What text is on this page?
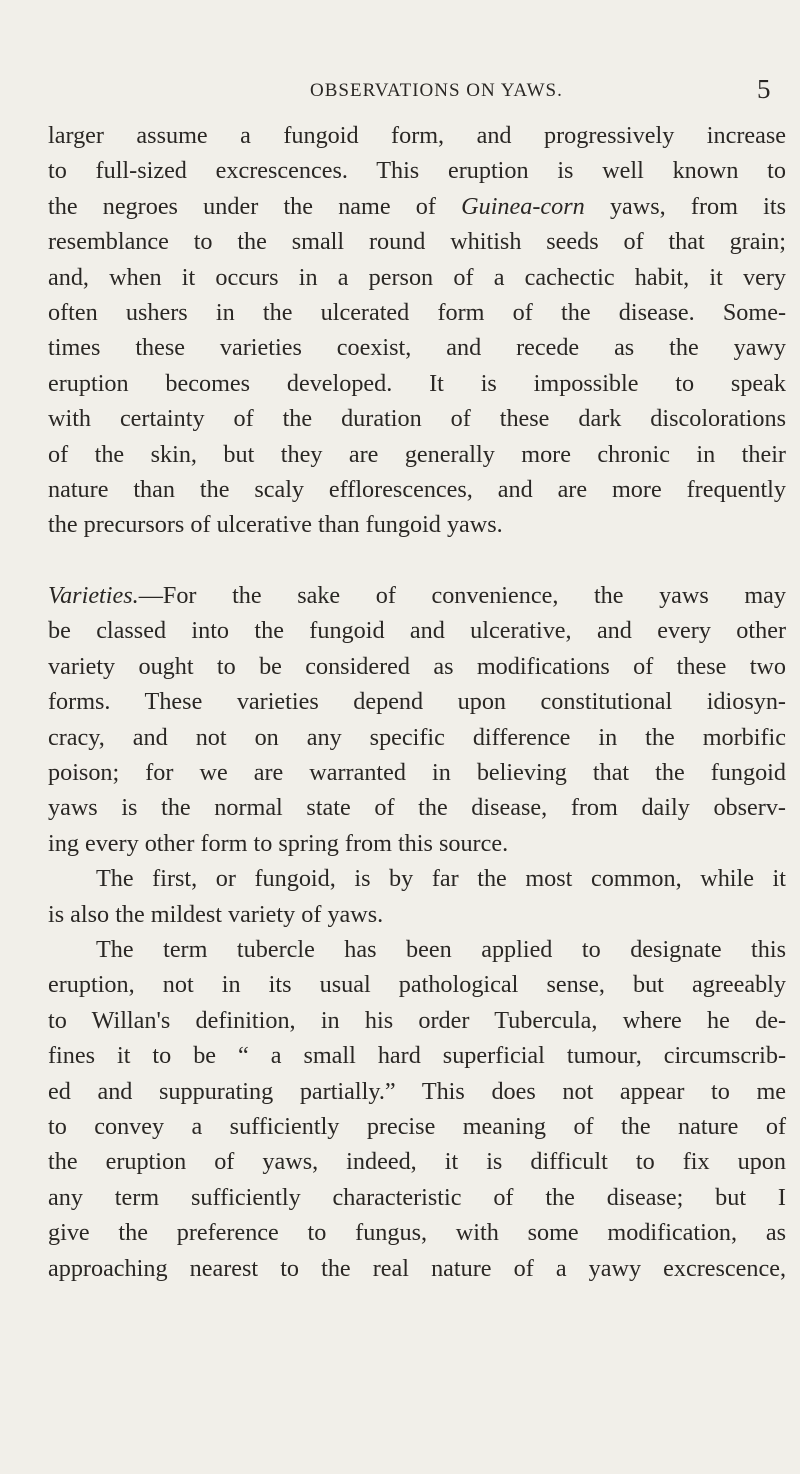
OBSERVATIONS ON YAWS.	5

larger assume a fungoid form, and progressively increase

to full-sized excrescences. This eruption is well known to

the negroes under the name of Guinea-corn yaws, from its

resemblance to the small round whitish seeds of that grain;

and, when it occurs in a person of a cachectic habit, it very

often ushers in the ulcerated form of the disease. Some-

times these varieties coexist, and recede as the yawy

eruption becomes developed. It is impossible to speak

with certainty of the duration of these dark discolorations

of the skin, but they are generally more chronic in their

nature than the scaly efflorescences, and are more frequently

the precursors of ulcerative than fungoid yaws.

Varieties.—For the sake of convenience, the yaws may

be classed into the fungoid and ulcerative, and every other

variety ought to be considered as modifications of these two

forms. These varieties depend upon constitutional idiosyn-

cracy, and not on any specific difference in the morbific

poison; for we are warranted in believing that the fungoid

yaws is the normal state of the disease, from daily observ-

ing every other form to spring from this source.

The first, or fungoid, is by far the most common, while it

is also the mildest variety of yaws.

The term tubercle has been applied to designate this

eruption, not in its usual pathological sense, but agreeably

to Willan's definition, in his order Tubercula, where he de-

fines it to be “ a small hard superficial tumour, circumscrib-

ed and suppurating partially.” This does not appear to me

to convey a sufficiently precise meaning of the nature of

the eruption of yaws, indeed, it is difficult to fix upon

any term sufficiently characteristic of the disease; but I

give the preference to fungus, with some modification, as

approaching nearest to the real nature of a yawy excrescence,
